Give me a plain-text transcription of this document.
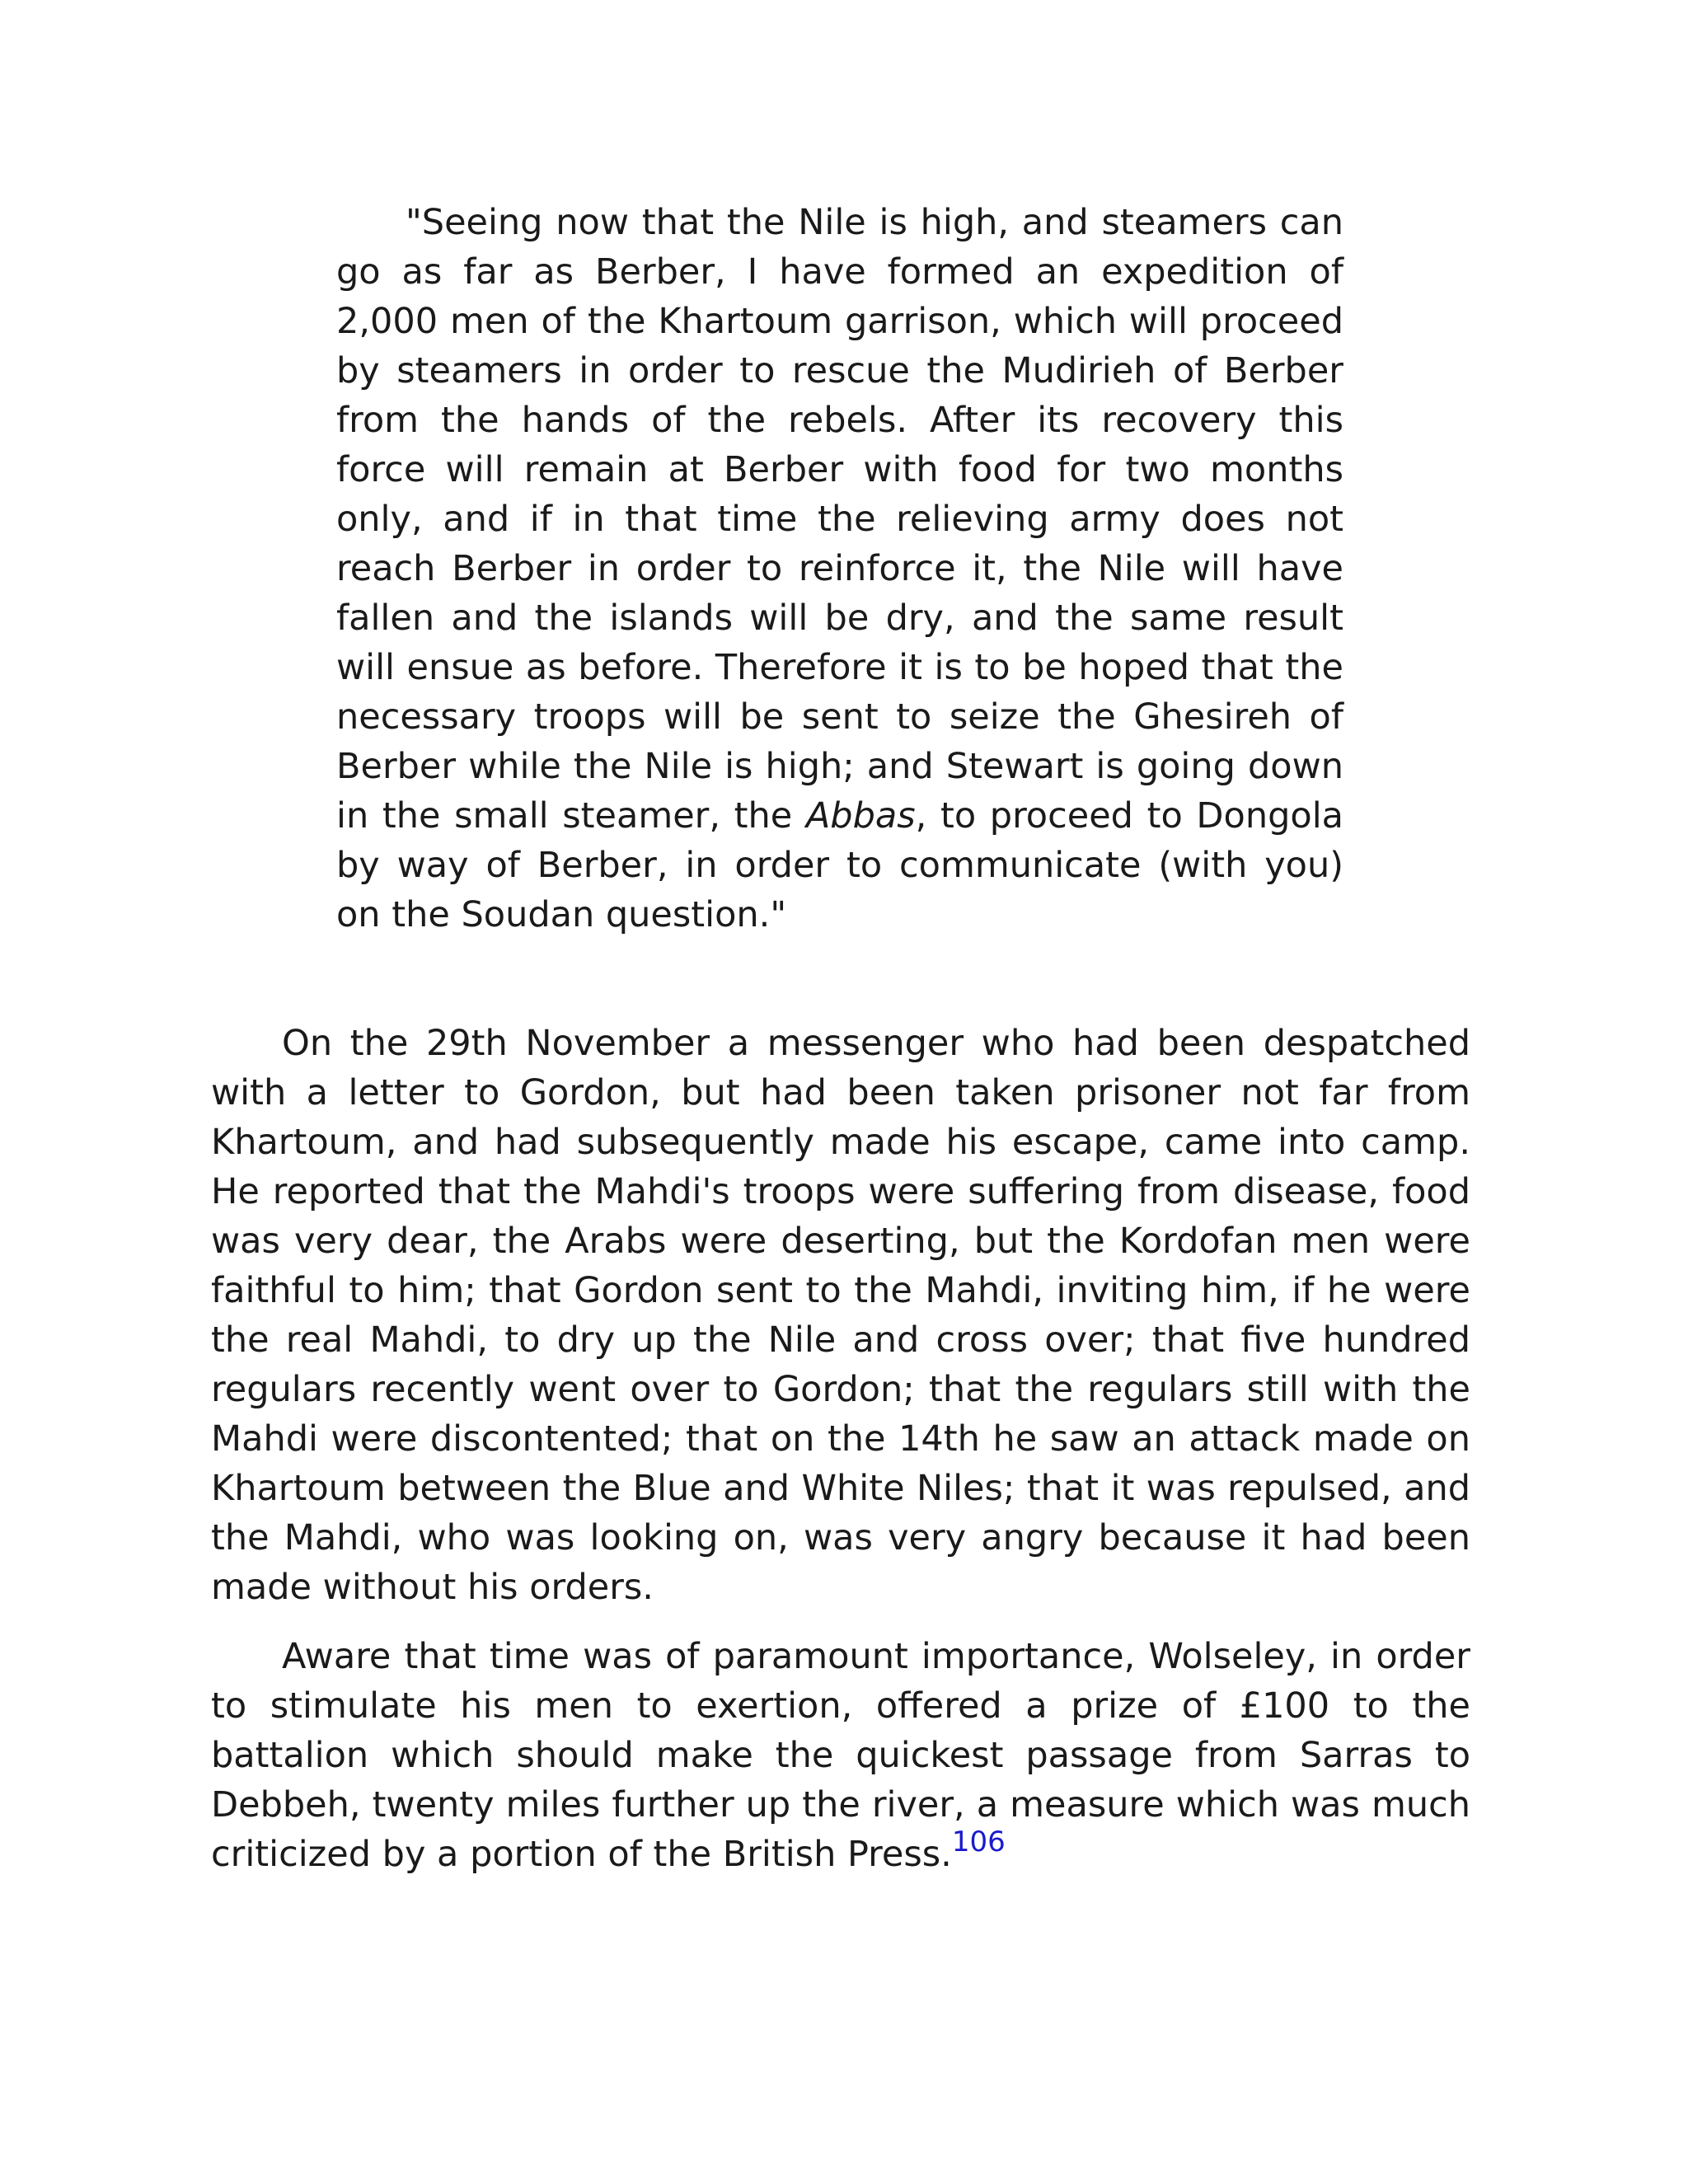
"Seeing now that the Nile is high, and steamers can go as far as Berber, I have formed an expedition of 2,000 men of the Khartoum garrison, which will proceed by steamers in order to rescue the Mudirieh of Berber from the hands of the rebels. After its recovery this force will remain at Berber with food for two months only, and if in that time the relieving army does not reach Berber in order to reinforce it, the Nile will have fallen and the islands will be dry, and the same result will ensue as before. Therefore it is to be hoped that the necessary troops will be sent to seize the Ghesireh of Berber while the Nile is high; and Stewart is going down in the small steamer, the Abbas, to proceed to Dongola by way of Berber, in order to communicate (with you) on the Soudan question."

On the 29th November a messenger who had been despatched with a letter to Gordon, but had been taken prisoner not far from Khartoum, and had subsequently made his escape, came into camp. He reported that the Mahdi's troops were suffering from disease, food was very dear, the Arabs were deserting, but the Kordofan men were faithful to him; that Gordon sent to the Mahdi, inviting him, if he were the real Mahdi, to dry up the Nile and cross over; that five hundred regulars recently went over to Gordon; that the regulars still with the Mahdi were discontented; that on the 14th he saw an attack made on Khartoum between the Blue and White Niles; that it was repulsed, and the Mahdi, who was looking on, was very angry because it had been made without his orders.

Aware that time was of paramount importance, Wolseley, in order to stimulate his men to exertion, offered a prize of £100 to the battalion which should make the quickest passage from Sarras to Debbeh, twenty miles further up the river, a measure which was much criticized by a portion of the British Press.$^{106}$
